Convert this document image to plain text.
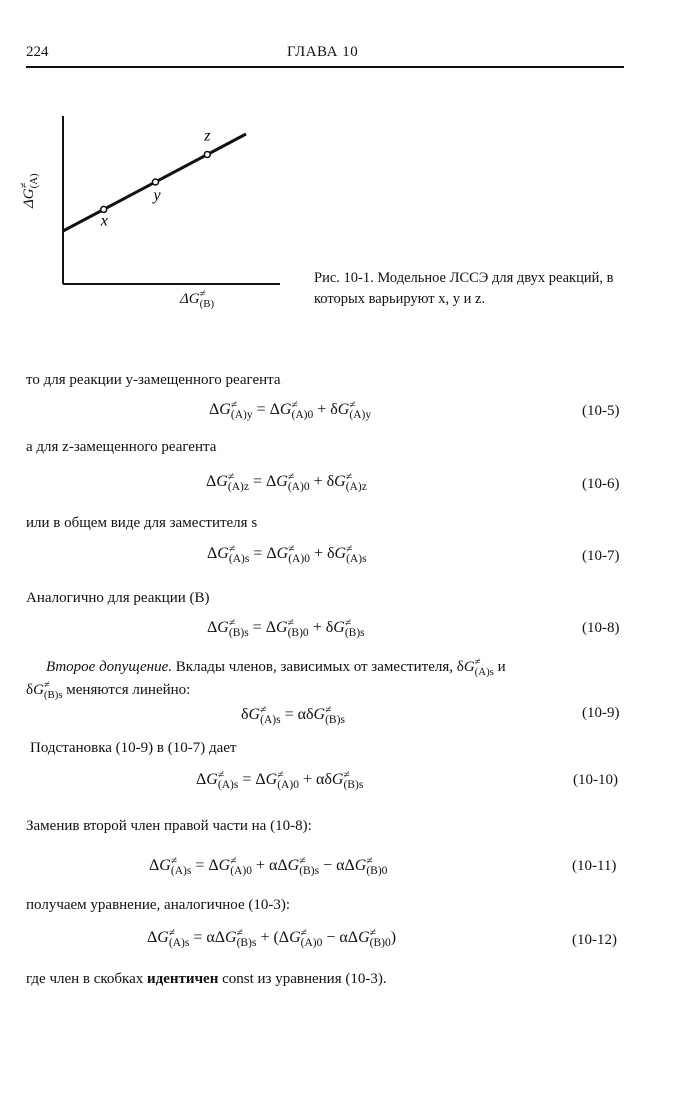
224	ГЛАВА 10
x
y
z
ΔG
≠
(A)
ΔG ≠
(B)
Рис. 10-1. Модельное ЛССЭ для двух реакций, в которых варьируют x, y и z.
то для реакции y-замещенного реагента
ΔG ≠
(A)y = ΔG ≠
(A)0 + δG ≠
(A)y	(10-5)
а для z-замещенного реагента
ΔG ≠
(A)z = ΔG ≠
(A)0 + δG ≠
(A)z	(10-6)
или в общем виде для заместителя s
ΔG ≠
(A)s = ΔG ≠
(A)0 + δG ≠
(A)s	(10-7)
Аналогично для реакции (B)
ΔG ≠
(B)s = ΔG ≠
(B)0 + δG ≠
(B)s	(10-8)
Второе допущение. Вклады членов, зависимых от заместителя, δG ≠
(A)s и
δG ≠
(B)s меняются линейно:
δG ≠
(A)s = αδG ≠
(B)s	(10-9)
Подстановка (10-9) в (10-7) дает
ΔG ≠
(A)s = ΔG ≠
(A)0 + αδG ≠
(B)s	(10-10)
Заменив второй член правой части на (10-8):
ΔG ≠
(A)s = ΔG ≠
(A)0 + αΔG ≠
(B)s − αΔG ≠
(B)0	(10-11)
получаем уравнение, аналогичное (10-3):
ΔG ≠
(A)s = αΔG ≠
(B)s + (ΔG ≠
(A)0 − αΔG ≠
(B)0 )	(10-12)
где член в скобках идентичен const из уравнения (10-3).
